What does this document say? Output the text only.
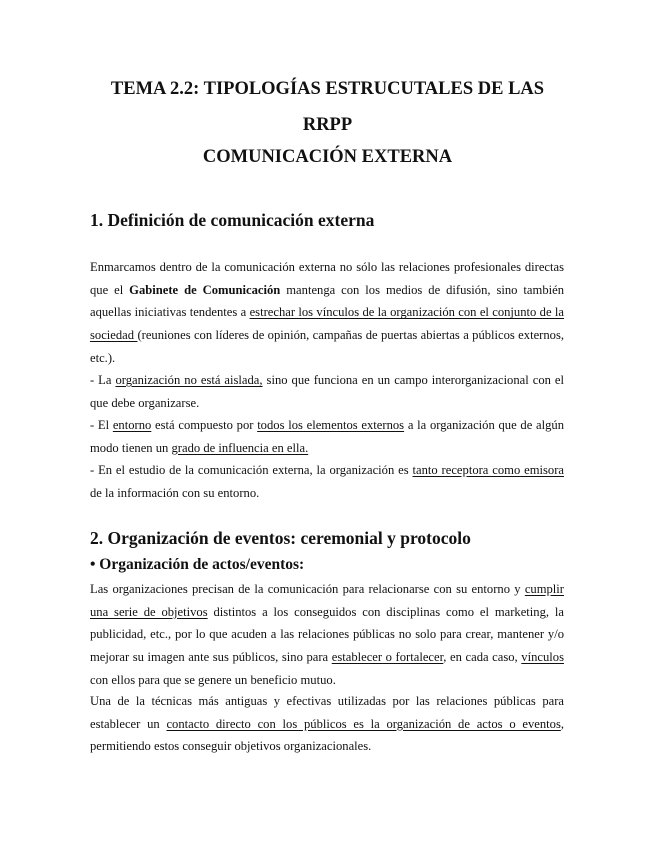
TEMA 2.2: TIPOLOGÍAS ESTRUCUTALES DE LAS

RRPP

COMUNICACIÓN EXTERNA

1. Definición de comunicación externa

Enmarcamos dentro de la comunicación externa no sólo las relaciones profesionales directas que el Gabinete de Comunicación mantenga con los medios de difusión, sino también aquellas iniciativas tendentes a estrechar los vínculos de la organización con el conjunto de la sociedad (reuniones con líderes de opinión, campañas de puertas abiertas a públicos externos, etc.).

- La organización no está aislada, sino que funciona en un campo interorganizacional con el que debe organizarse.

- El entorno está compuesto por todos los elementos externos a la organización que de algún modo tienen un grado de influencia en ella.

- En el estudio de la comunicación externa, la organización es tanto receptora como emisora de la información con su entorno.

2. Organización de eventos: ceremonial y protocolo
• Organización de actos/eventos:

Las organizaciones precisan de la comunicación para relacionarse con su entorno y cumplir una serie de objetivos distintos a los conseguidos con disciplinas como el marketing, la publicidad, etc., por lo que acuden a las relaciones públicas no solo para crear, mantener y/o mejorar su imagen ante sus públicos, sino para establecer o fortalecer, en cada caso, vínculos con ellos para que se genere un beneficio mutuo.

Una de la técnicas más antiguas y efectivas utilizadas por las relaciones públicas para establecer un contacto directo con los públicos es la organización de actos o eventos, permitiendo estos conseguir objetivos organizacionales.
